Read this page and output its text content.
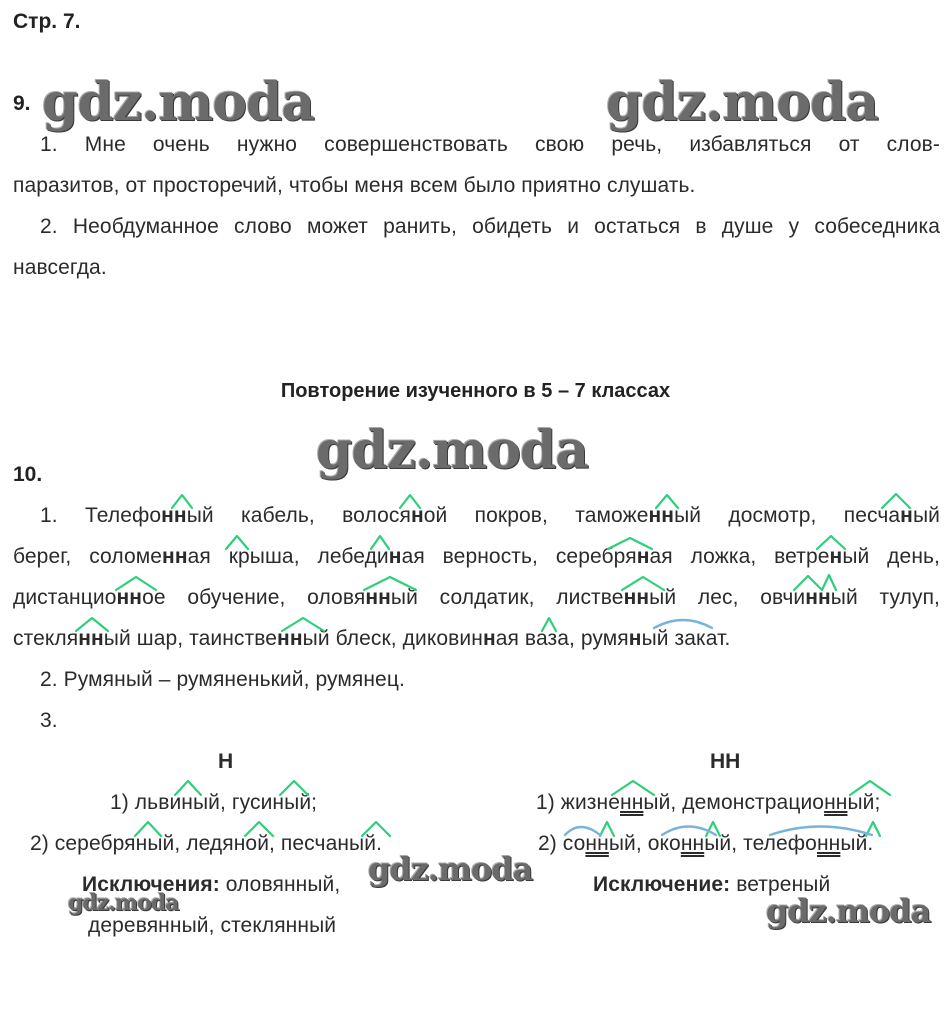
Стр. 7.
9. gdz.moda	gdz.moda
1. Мне очень нужно совершенствовать свою речь, избавляться от слов-
паразитов, от просторечий, чтобы меня всем было приятно слушать.
2. Необдуманное слово может ранить, обидеть и остаться в душе у собеседника
навсегда.
Повторение изученного в 5 – 7 классах
10.	gdz.moda
1. Телефонный кабель, волосяной покров, таможенный досмотр, песчаный
берег, соломенная крыша, лебединая верность, серебряная ложка, ветреный день,
дистанционное обучение, оловянный солдатик, лиственный лес, овчинный тулуп,
стеклянный шар, таинственный блеск, диковинная ваза, румяный закат.
2. Румяный – румяненький, румянец.
3.
Н
1) львиный, гусиный;
2) серебряный, ледяной, песчаный.
Исключения: оловянный,
деревянный, стеклянный
gdz.moda
gdz.moda
НН
1) жизненный, демонстрационный;
2) сонный, оконный, телефонный.
Исключение: ветреный
gdz.moda
